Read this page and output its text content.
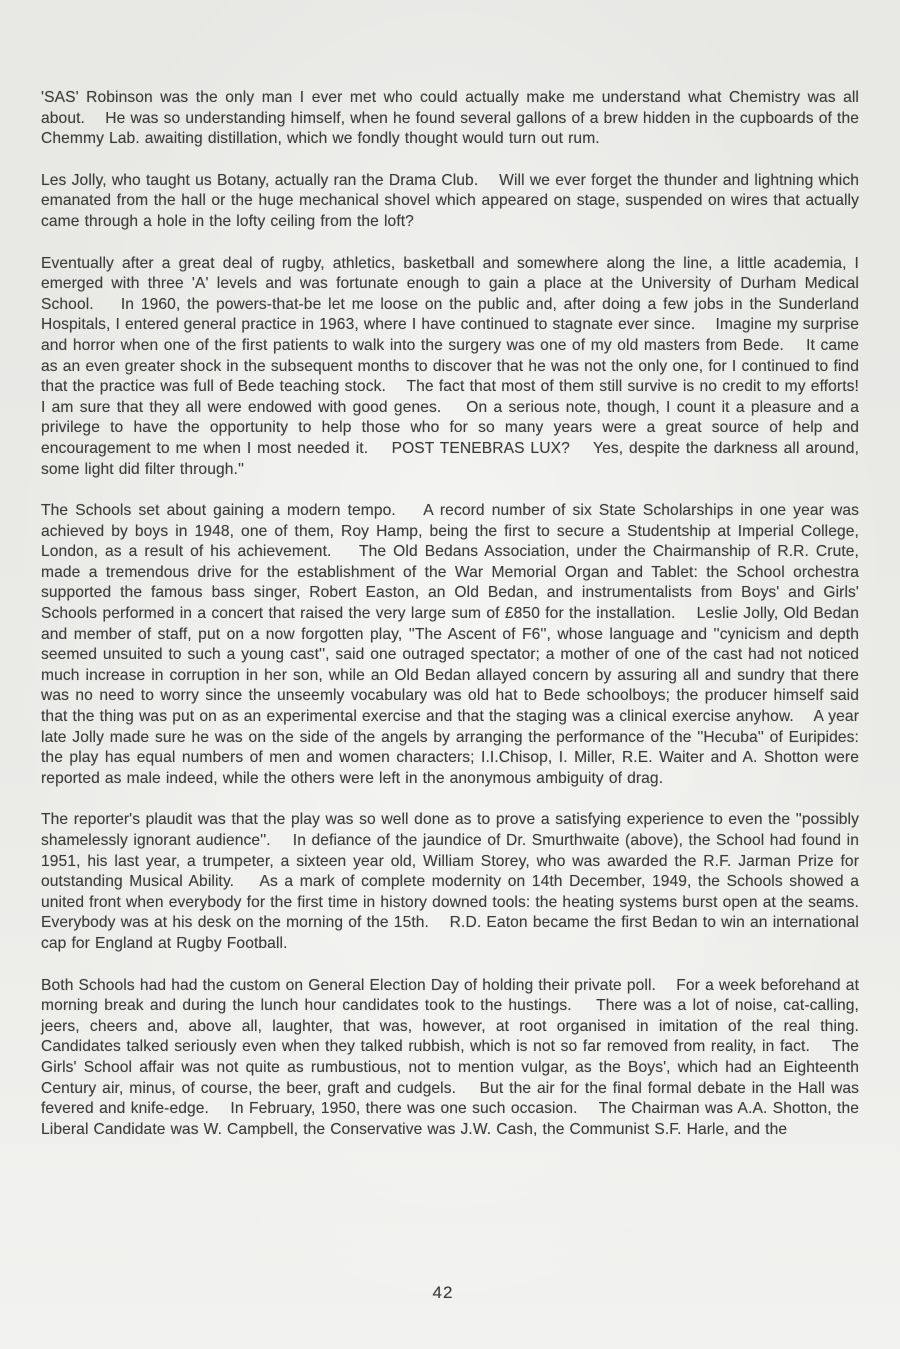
'SAS' Robinson was the only man I ever met who could actually make me understand what Chemistry was all about.    He was so understanding himself, when he found several gallons of a brew hidden in the cupboards of the Chemmy Lab. awaiting distillation, which we fondly thought would turn out rum.

Les Jolly, who taught us Botany, actually ran the Drama Club.    Will we ever forget the thunder and lightning which emanated from the hall or the huge mechanical shovel which appeared on stage, suspended on wires that actually came through a hole in the lofty ceiling from the loft?

Eventually after a great deal of rugby, athletics, basketball and somewhere along the line, a little academia, I emerged with three 'A' levels and was fortunate enough to gain a place at the University of Durham Medical School.    In 1960, the powers-that-be let me loose on the public and, after doing a few jobs in the Sunderland Hospitals, I entered general practice in 1963, where I have continued to stagnate ever since.    Imagine my surprise and horror when one of the first patients to walk into the surgery was one of my old masters from Bede.    It came as an even greater shock in the subsequent months to discover that he was not the only one, for I continued to find that the practice was full of Bede teaching stock.    The fact that most of them still survive is no credit to my efforts!    I am sure that they all were endowed with good genes.    On a serious note, though, I count it a pleasure and a privilege to have the opportunity to help those who for so many years were a great source of help and encouragement to me when I most needed it.    POST TENEBRAS LUX?    Yes, despite the darkness all around, some light did filter through.''

The Schools set about gaining a modern tempo.    A record number of six State Scholarships in one year was achieved by boys in 1948, one of them, Roy Hamp, being the first to secure a Studentship at Imperial College, London, as a result of his achievement.    The Old Bedans Association, under the Chairmanship of R.R. Crute, made a tremendous drive for the establishment of the War Memorial Organ and Tablet: the School orchestra supported the famous bass singer, Robert Easton, an Old Bedan, and instrumentalists from Boys' and Girls' Schools performed in a concert that raised the very large sum of £850 for the installation.    Leslie Jolly, Old Bedan and member of staff, put on a now forgotten play, ''The Ascent of F6'', whose language and ''cynicism and depth seemed unsuited to such a young cast'', said one outraged spectator; a mother of one of the cast had not noticed much increase in corruption in her son, while an Old Bedan allayed concern by assuring all and sundry that there was no need to worry since the unseemly vocabulary was old hat to Bede schoolboys; the producer himself said that the thing was put on as an experimental exercise and that the staging was a clinical exercise anyhow.    A year late Jolly made sure he was on the side of the angels by arranging the performance of the ''Hecuba'' of Euripides: the play has equal numbers of men and women characters; I.I.Chisop, I. Miller, R.E. Waiter and A. Shotton were reported as male indeed, while the others were left in the anonymous ambiguity of drag.

The reporter's plaudit was that the play was so well done as to prove a satisfying experience to even the ''possibly shamelessly ignorant audience''.    In defiance of the jaundice of Dr. Smurthwaite (above), the School had found in 1951, his last year, a trumpeter, a sixteen year old, William Storey, who was awarded the R.F. Jarman Prize for outstanding Musical Ability.    As a mark of complete modernity on 14th December, 1949, the Schools showed a united front when everybody for the first time in history downed tools: the heating systems burst open at the seams.    Everybody was at his desk on the morning of the 15th.    R.D. Eaton became the first Bedan to win an international cap for England at Rugby Football.

Both Schools had had the custom on General Election Day of holding their private poll.    For a week beforehand at morning break and during the lunch hour candidates took to the hustings.    There was a lot of noise, cat-calling, jeers, cheers and, above all, laughter, that was, however, at root organised in imitation of the real thing.    Candidates talked seriously even when they talked rubbish, which is not so far removed from reality, in fact.    The Girls' School affair was not quite as rumbustious, not to mention vulgar, as the Boys', which had an Eighteenth Century air, minus, of course, the beer, graft and cudgels.    But the air for the final formal debate in the Hall was fevered and knife-edge.    In February, 1950, there was one such occasion.    The Chairman was A.A. Shotton, the Liberal Candidate was W. Campbell, the Conservative was J.W. Cash, the Communist S.F. Harle, and the

42
